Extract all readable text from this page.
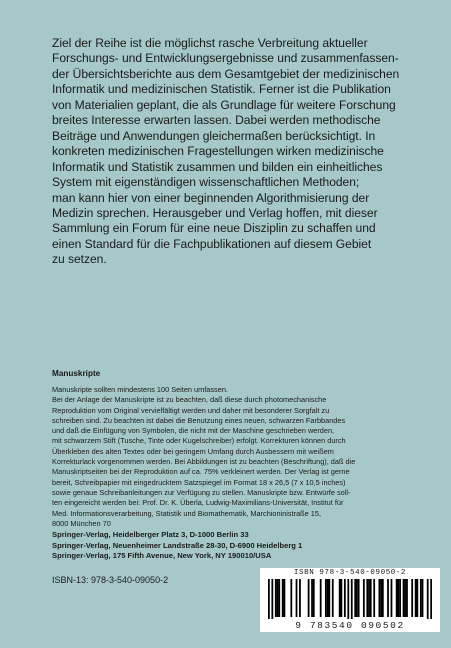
Ziel der Reihe ist die möglichst rasche Verbreitung aktueller

Forschungs- und Entwicklungsergebnisse und zusammenfassen-

der Übersichtsberichte aus dem Gesamtgebiet der medizinischen

Informatik und medizinischen Statistik. Ferner ist die Publikation

von Materialien geplant, die als Grundlage für weitere Forschung

breites Interesse erwarten lassen. Dabei werden methodische

Beiträge und Anwendungen gleichermaßen berücksichtigt. In

konkreten medizinischen Fragestellungen wirken medizinische

Informatik und Statistik zusammen und bilden ein einheitliches

System mit eigenständigen wissenschaftlichen Methoden;

man kann hier von einer beginnenden Algorithmisierung der

Medizin sprechen. Herausgeber und Verlag hoffen, mit dieser

Sammlung ein Forum für eine neue Disziplin zu schaffen und

einen Standard für die Fachpublikationen auf diesem Gebiet

zu setzen.

Manuskripte
Manuskripte sollten mindestens 100 Seiten umfassen.
Bei der Anlage der Manuskripte ist zu beachten, daß diese durch photomechanische
Reproduktion vom Original vervielfältigt werden und daher mit besonderer Sorgfalt zu
schreiben sind. Zu beachten ist dabei die Benutzung eines neuen, schwarzen Farbbandes
und daß die Einfügung von Symbolen, die nicht mit der Maschine geschrieben werden,
mit schwarzem Stift (Tusche, Tinte oder Kugelschreiber) erfolgt. Korrekturen können durch
Überkleben des alten Textes oder bei geringem Umfang durch Ausbessern mit weißem
Korrekturlack vorgenommen werden. Bei Abbildungen ist zu beachten (Beschriftung), daß die
Manuskriptseiten bei der Reproduktion auf ca. 75% verkleinert werden. Der Verlag ist gerne
bereit, Schreibpapier mit eingedrucktem Satzspiegel im Format 18 x 26,5 (7 x 10,5 inches)
sowie genaue Schreibanleitungen zur Verfügung zu stellen. Manuskripte bzw. Entwürfe soll-
ten eingereicht werden bei: Prof. Dr. K. Überla, Ludwig-Maximilians-Universität, Institut für
Med. Informationsverarbeitung, Statistik und Biomathematik, Marchioninistraße 15,
8000 München 70
Springer-Verlag, Heidelberger Platz 3, D-1000 Berlin 33
Springer-Verlag, Neuenheimer Landstraße 28-30, D-6900 Heidelberg 1
Springer-Verlag, 175 Fifth Avenue, New York, NY 190010/USA

ISBN-13: 978-3-540-09050-2

ISBN 978-3-540-09050-2

9 783540 090502
